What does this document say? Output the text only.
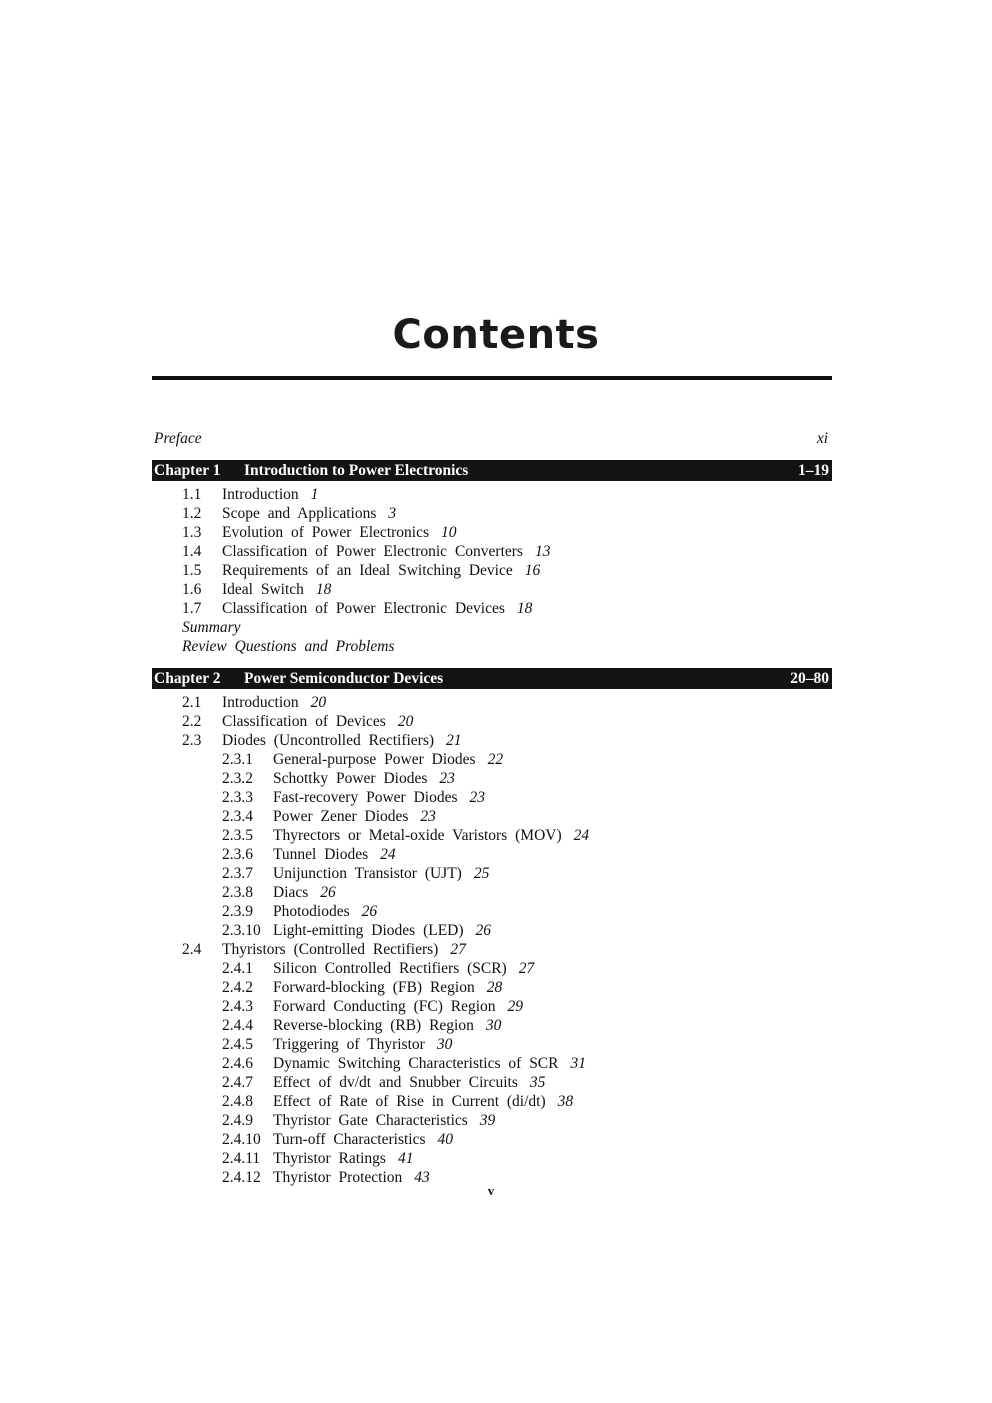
Contents
Preface	xi
Chapter 1 Introduction to Power Electronics	1–19
1.1 Introduction 1
1.2 Scope and Applications 3
1.3 Evolution of Power Electronics 10
1.4 Classification of Power Electronic Converters 13
1.5 Requirements of an Ideal Switching Device 16
1.6 Ideal Switch 18
1.7 Classification of Power Electronic Devices 18
Summary
Review Questions and Problems
Chapter 2 Power Semiconductor Devices	20–80
2.1 Introduction 20
2.2 Classification of Devices 20
2.3 Diodes (Uncontrolled Rectifiers) 21
2.3.1 General-purpose Power Diodes 22
2.3.2 Schottky Power Diodes 23
2.3.3 Fast-recovery Power Diodes 23
2.3.4 Power Zener Diodes 23
2.3.5 Thyrectors or Metal-oxide Varistors (MOV) 24
2.3.6 Tunnel Diodes 24
2.3.7 Unijunction Transistor (UJT) 25
2.3.8 Diacs 26
2.3.9 Photodiodes 26
2.3.10 Light-emitting Diodes (LED) 26
2.4 Thyristors (Controlled Rectifiers) 27
2.4.1 Silicon Controlled Rectifiers (SCR) 27
2.4.2 Forward-blocking (FB) Region 28
2.4.3 Forward Conducting (FC) Region 29
2.4.4 Reverse-blocking (RB) Region 30
2.4.5 Triggering of Thyristor 30
2.4.6 Dynamic Switching Characteristics of SCR 31
2.4.7 Effect of dv/dt and Snubber Circuits 35
2.4.8 Effect of Rate of Rise in Current (di/dt) 38
2.4.9 Thyristor Gate Characteristics 39
2.4.10 Turn-off Characteristics 40
2.4.11 Thyristor Ratings 41
2.4.12 Thyristor Protection 43
v
